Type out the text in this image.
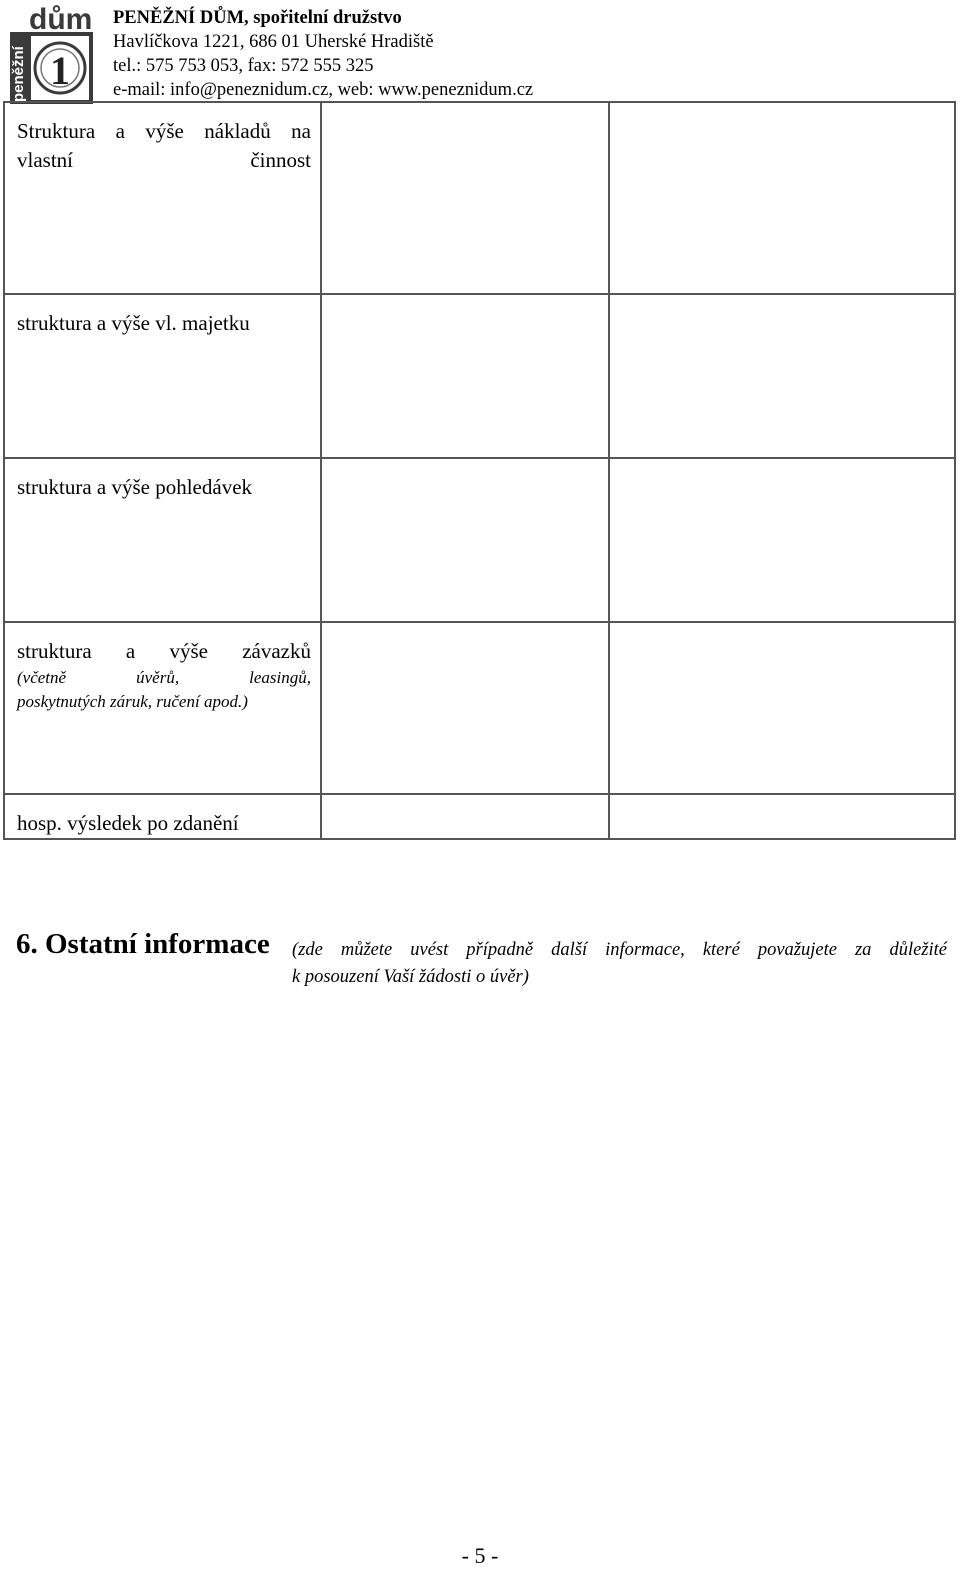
peněžní
dům
1
PENĚŽNÍ DŮM, spořitelní družstvo
Havlíčkova 1221, 686 01 Uherské Hradiště
tel.: 575 753 053, fax: 572 555 325
e-mail: info@peneznidum.cz, web: www.peneznidum.cz
Struktura a výše nákladů na vlastní činnost		

struktura a výše vl. majetku		

struktura a výše pohledávek		

struktura a výše závazků
(včetně úvěrů, leasingů,
poskytnutých záruk, ručení apod.)		

hosp. výsledek po zdanění		

6. Ostatní informace (zde můžete uvést případně další informace, které považujete za důležité
k posouzení Vaší žádosti o úvěr)
- 5 -
